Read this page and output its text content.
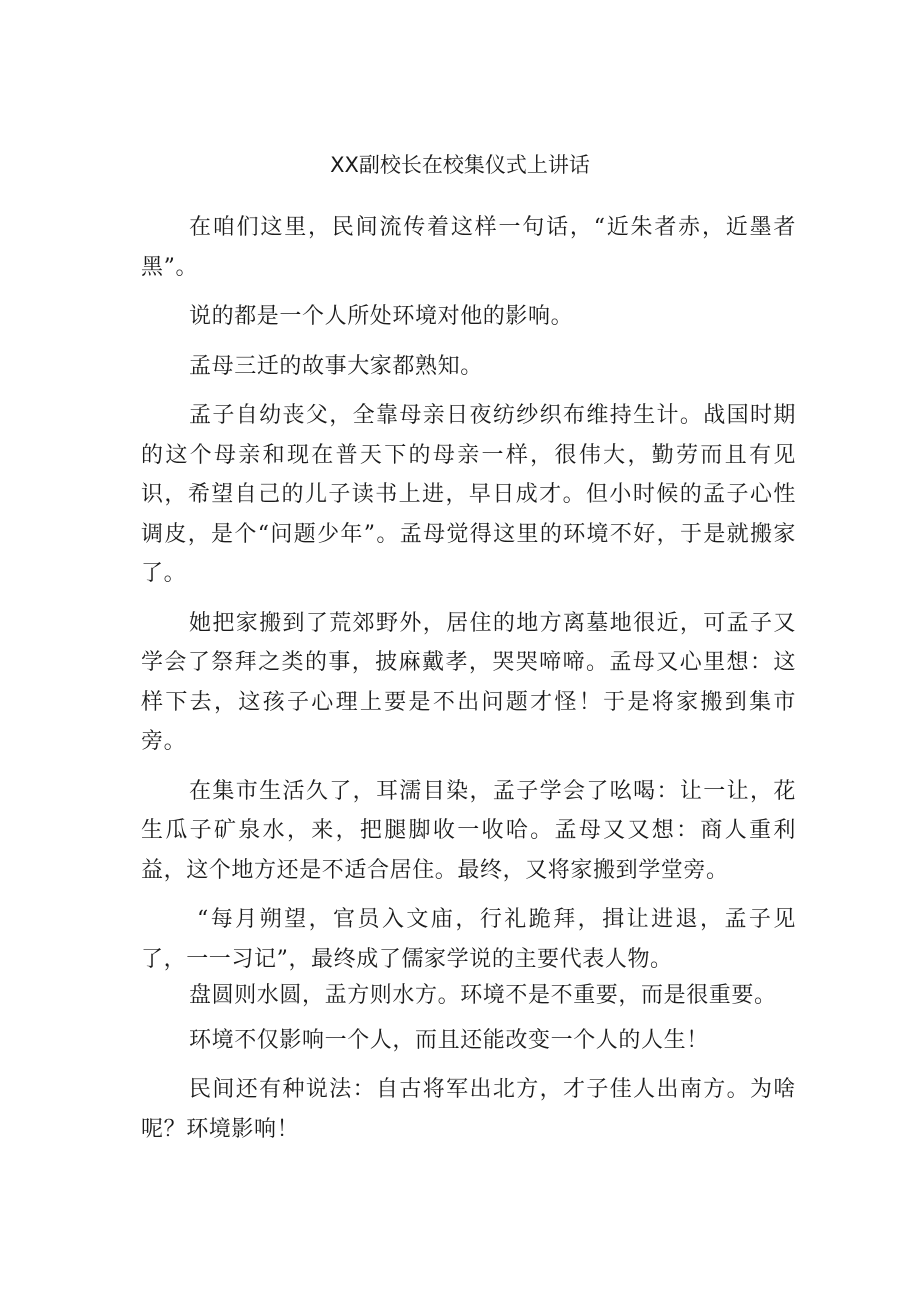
XX副校长在校集仪式上讲话

在咱们这里，民间流传着这样一句话，“近朱者赤，近墨者黑”。

说的都是一个人所处环境对他的影响。

孟母三迁的故事大家都熟知。

孟子自幼丧父，全靠母亲日夜纺纱织布维持生计。战国时期的这个母亲和现在普天下的母亲一样，很伟大，勤劳而且有见识，希望自己的儿子读书上进，早日成才。但小时候的孟子心性调皮，是个“问题少年”。孟母觉得这里的环境不好，于是就搬家了。

她把家搬到了荒郊野外，居住的地方离墓地很近，可孟子又学会了祭拜之类的事，披麻戴孝，哭哭啼啼。孟母又心里想：这样下去，这孩子心理上要是不出问题才怪！于是将家搬到集市旁。

在集市生活久了，耳濡目染，孟子学会了吆喝：让一让，花生瓜子矿泉水，来，把腿脚收一收哈。孟母又又想：商人重利益，这个地方还是不适合居住。最终，又将家搬到学堂旁。

“每月朔望，官员入文庙，行礼跪拜，揖让进退，孟子见了，一一习记”，最终成了儒家学说的主要代表人物。

盘圆则水圆，盂方则水方。环境不是不重要，而是很重要。

环境不仅影响一个人，而且还能改变一个人的人生！

民间还有种说法：自古将军出北方，才子佳人出南方。为啥呢？环境影响！
